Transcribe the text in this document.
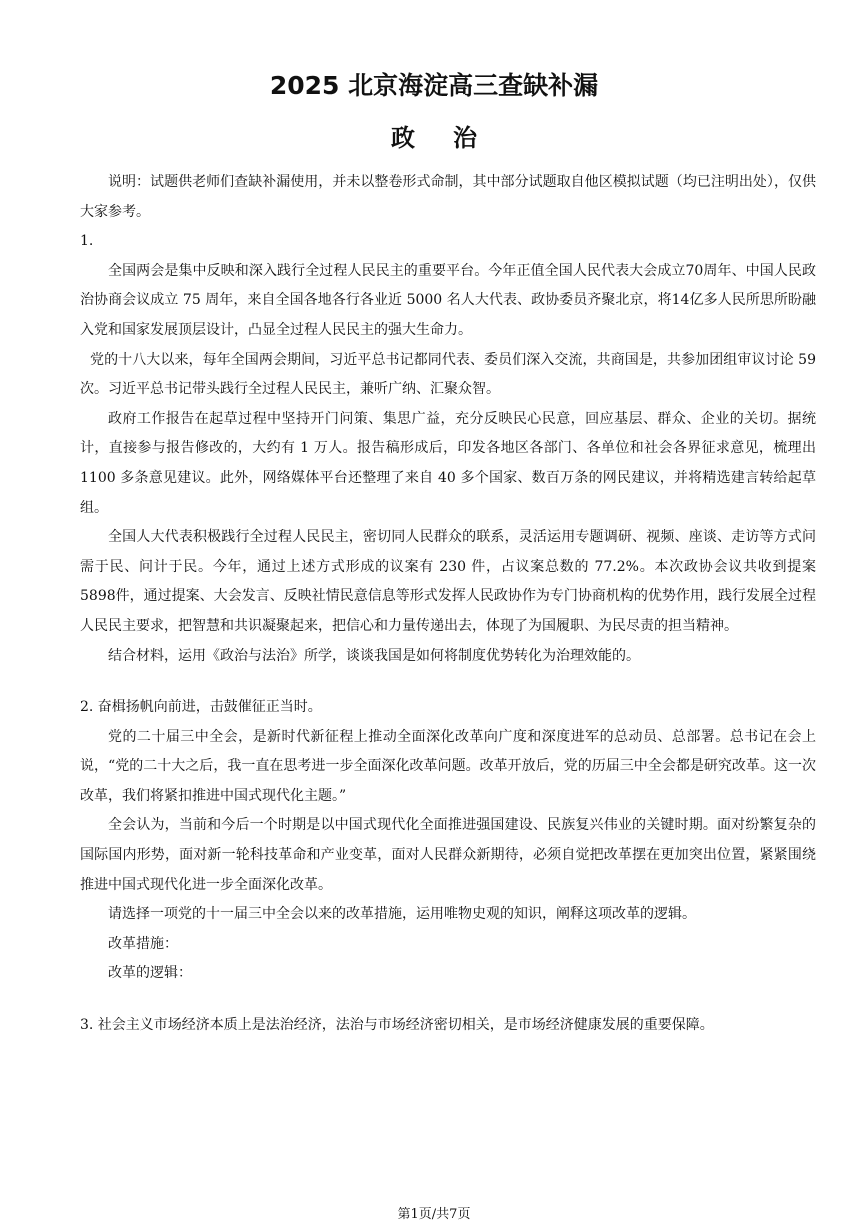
2025 北京海淀高三查缺补漏
政治

说明：试题供老师们查缺补漏使用，并未以整卷形式命制，其中部分试题取自他区模拟试题（均已注明出处），仅供大家参考。

1.

全国两会是集中反映和深入践行全过程人民民主的重要平台。今年正值全国人民代表大会成立70周年、中国人民政治协商会议成立 75 周年，来自全国各地各行各业近 5000 名人大代表、政协委员齐聚北京，将14亿多人民所思所盼融入党和国家发展顶层设计，凸显全过程人民民主的强大生命力。

党的十八大以来，每年全国两会期间，习近平总书记都同代表、委员们深入交流，共商国是，共参加团组审议讨论 59次。习近平总书记带头践行全过程人民民主，兼听广纳、汇聚众智。

政府工作报告在起草过程中坚持开门问策、集思广益，充分反映民心民意，回应基层、群众、企业的关切。据统计，直接参与报告修改的，大约有 1 万人。报告稿形成后，印发各地区各部门、各单位和社会各界征求意见，梳理出 1100 多条意见建议。此外，网络媒体平台还整理了来自 40 多个国家、数百万条的网民建议，并将精选建言转给起草组。

全国人大代表积极践行全过程人民民主，密切同人民群众的联系，灵活运用专题调研、视频、座谈、走访等方式问需于民、问计于民。今年，通过上述方式形成的议案有 230 件，占议案总数的 77.2%。本次政协会议共收到提案5898件，通过提案、大会发言、反映社情民意信息等形式发挥人民政协作为专门协商机构的优势作用，践行发展全过程人民民主要求，把智慧和共识凝聚起来，把信心和力量传递出去，体现了为国履职、为民尽责的担当精神。

结合材料，运用《政治与法治》所学，谈谈我国是如何将制度优势转化为治理效能的。

2. 奋楫扬帆向前进，击鼓催征正当时。

党的二十届三中全会，是新时代新征程上推动全面深化改革向广度和深度进军的总动员、总部署。总书记在会上说，“党的二十大之后，我一直在思考进一步全面深化改革问题。改革开放后，党的历届三中全会都是研究改革。这一次改革，我们将紧扣推进中国式现代化主题。”

全会认为，当前和今后一个时期是以中国式现代化全面推进强国建设、民族复兴伟业的关键时期。面对纷繁复杂的国际国内形势，面对新一轮科技革命和产业变革，面对人民群众新期待，必须自觉把改革摆在更加突出位置，紧紧围绕推进中国式现代化进一步全面深化改革。

请选择一项党的十一届三中全会以来的改革措施，运用唯物史观的知识，阐释这项改革的逻辑。

改革措施：

改革的逻辑：

3. 社会主义市场经济本质上是法治经济，法治与市场经济密切相关，是市场经济健康发展的重要保障。

第1页/共7页
